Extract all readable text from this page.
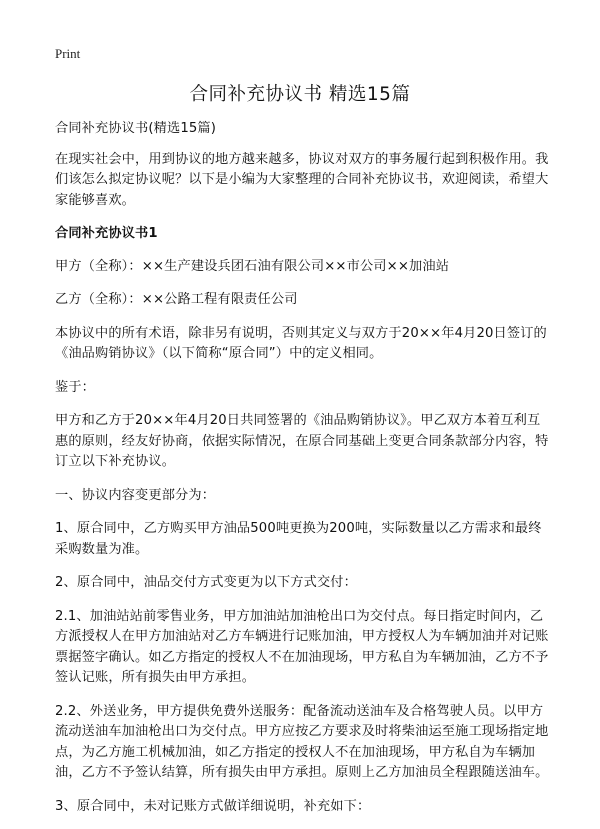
Print
合同补充协议书 精选15篇

合同补充协议书(精选15篇)

在现实社会中，用到协议的地方越来越多，协议对双方的事务履行起到积极作用。我们该怎么拟定协议呢？以下是小编为大家整理的合同补充协议书，欢迎阅读，希望大家能够喜欢。

合同补充协议书1

甲方（全称）：××生产建设兵团石油有限公司××市公司××加油站

乙方（全称）：××公路工程有限责任公司

本协议中的所有术语，除非另有说明，否则其定义与双方于20××年4月20日签订的《油品购销协议》（以下简称“原合同”）中的定义相同。

鉴于：

甲方和乙方于20××年4月20日共同签署的《油品购销协议》。甲乙双方本着互利互惠的原则，经友好协商，依据实际情况，在原合同基础上变更合同条款部分内容，特订立以下补充协议。

一、协议内容变更部分为：

1、原合同中，乙方购买甲方油品500吨更换为200吨，实际数量以乙方需求和最终采购数量为准。

2、原合同中，油品交付方式变更为以下方式交付：

2.1、加油站站前零售业务，甲方加油站加油枪出口为交付点。每日指定时间内，乙方派授权人在甲方加油站对乙方车辆进行记账加油，甲方授权人为车辆加油并对记账票据签字确认。如乙方指定的授权人不在加油现场，甲方私自为车辆加油，乙方不予签认记账，所有损失由甲方承担。

2.2、外送业务，甲方提供免费外送服务：配备流动送油车及合格驾驶人员。以甲方流动送油车加油枪出口为交付点。甲方应按乙方要求及时将柴油运至施工现场指定地点，为乙方施工机械加油，如乙方指定的授权人不在加油现场，甲方私自为车辆加油，乙方不予签认结算，所有损失由甲方承担。原则上乙方加油员全程跟随送油车。

3、原合同中，未对记账方式做详细说明，补充如下：
